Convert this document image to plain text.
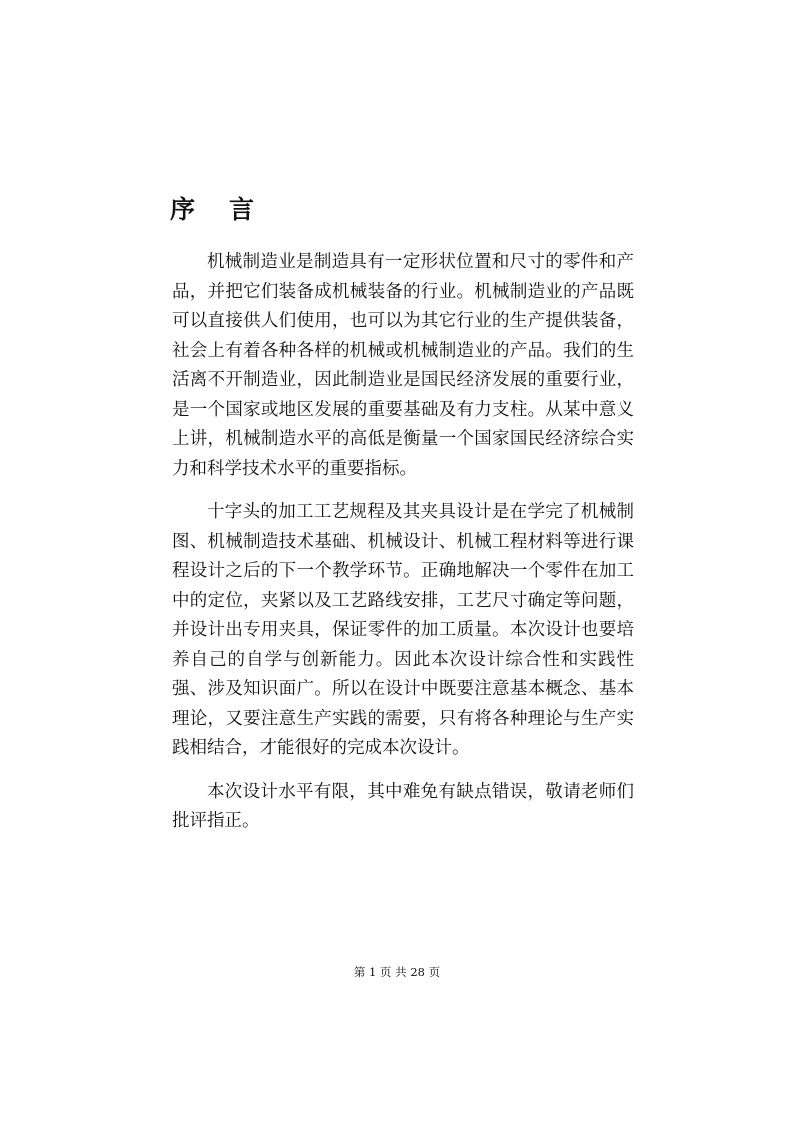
序言

机械制造业是制造具有一定形状位置和尺寸的零件和产品，并把它们装备成机械装备的行业。机械制造业的产品既可以直接供人们使用，也可以为其它行业的生产提供装备，社会上有着各种各样的机械或机械制造业的产品。我们的生活离不开制造业，因此制造业是国民经济发展的重要行业，是一个国家或地区发展的重要基础及有力支柱。从某中意义上讲，机械制造水平的高低是衡量一个国家国民经济综合实力和科学技术水平的重要指标。

十字头的加工工艺规程及其夹具设计是在学完了机械制图、机械制造技术基础、机械设计、机械工程材料等进行课程设计之后的下一个教学环节。正确地解决一个零件在加工中的定位，夹紧以及工艺路线安排，工艺尺寸确定等问题，并设计出专用夹具，保证零件的加工质量。本次设计也要培养自己的自学与创新能力。因此本次设计综合性和实践性强、涉及知识面广。所以在设计中既要注意基本概念、基本理论，又要注意生产实践的需要，只有将各种理论与生产实践相结合，才能很好的完成本次设计。

本次设计水平有限，其中难免有缺点错误，敬请老师们批评指正。

第 1 页 共 28 页
